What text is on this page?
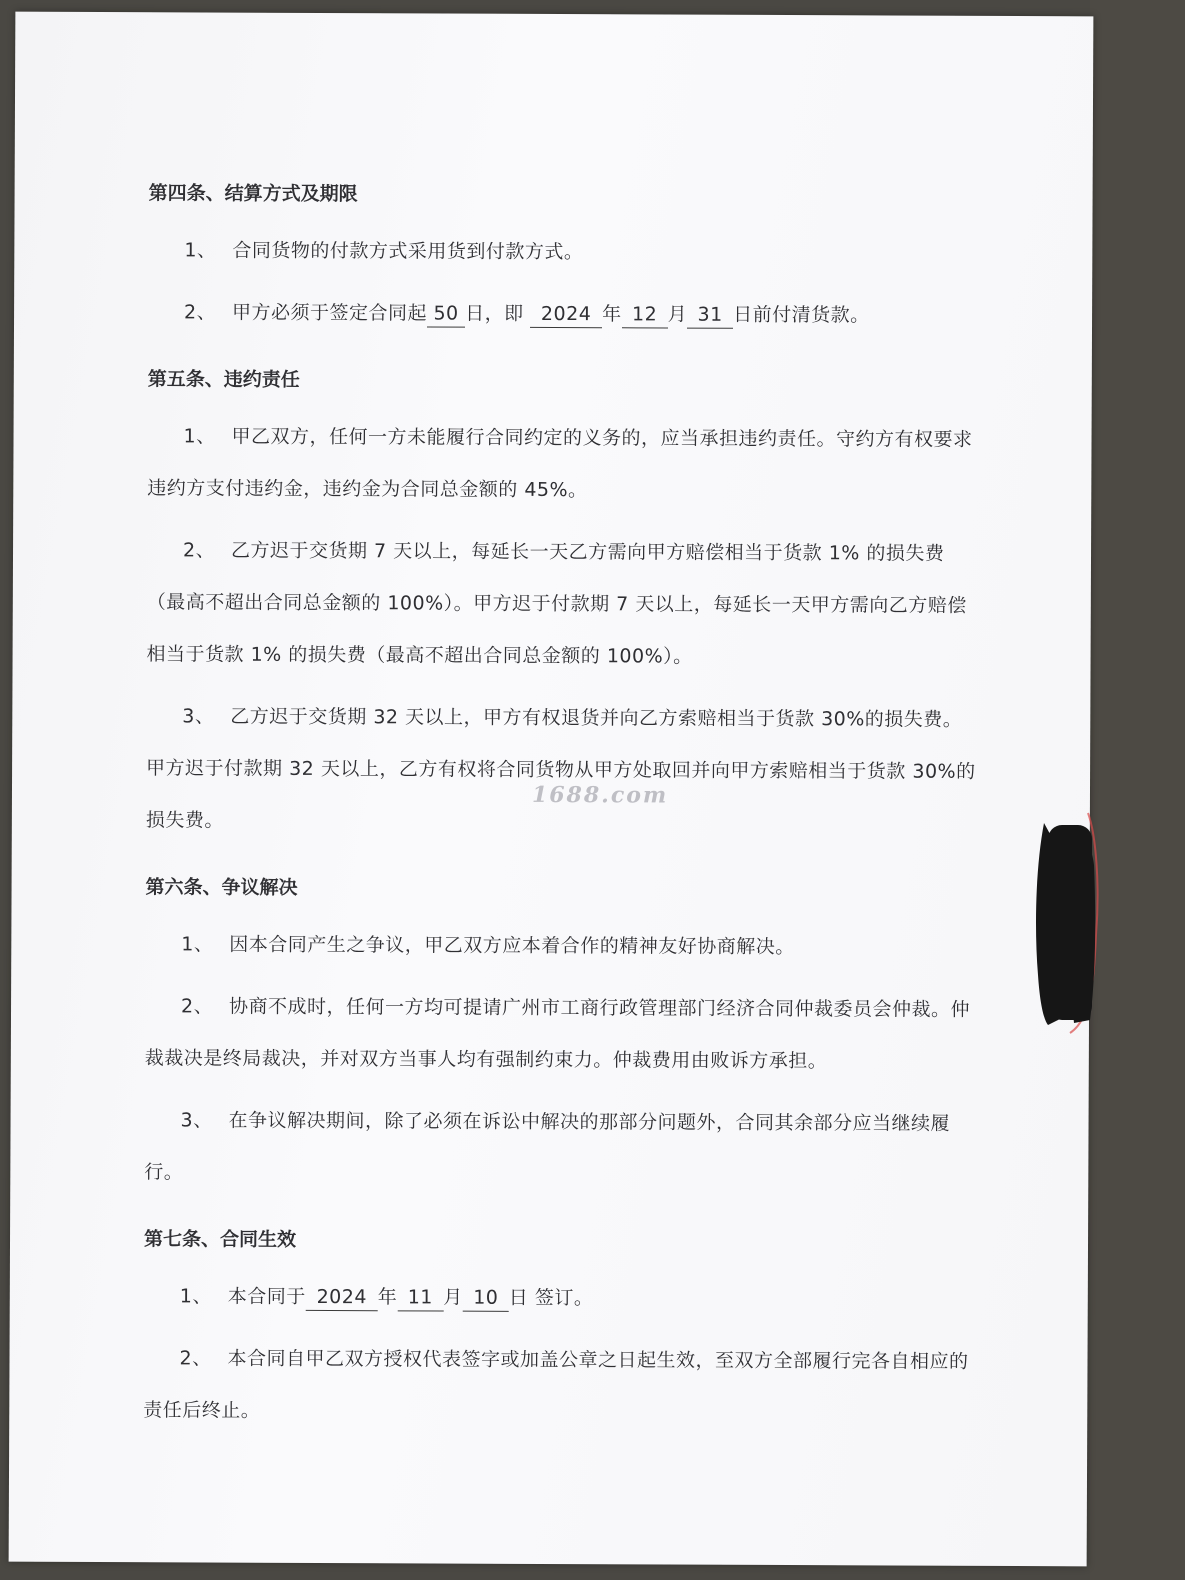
第四条、结算方式及期限

1、 合同货物的付款方式采用货到付款方式。

2、 甲方必须于签定合同起 50 日，即 2024 年 12 月 31 日前付清货款。

第五条、违约责任

1、 甲乙双方，任何一方未能履行合同约定的义务的，应当承担违约责任。守约方有权要求违约方支付违约金，违约金为合同总金额的 45%。

2、 乙方迟于交货期 7 天以上，每延长一天乙方需向甲方赔偿相当于货款 1% 的损失费（最高不超出合同总金额的 100%）。甲方迟于付款期 7 天以上，每延长一天甲方需向乙方赔偿相当于货款 1% 的损失费（最高不超出合同总金额的 100%）。

3、 乙方迟于交货期 32 天以上，甲方有权退货并向乙方索赔相当于货款 30%的损失费。甲方迟于付款期 32 天以上，乙方有权将合同货物从甲方处取回并向甲方索赔相当于货款 30%的损失费。

第六条、争议解决

1、 因本合同产生之争议，甲乙双方应本着合作的精神友好协商解决。

2、 协商不成时，任何一方均可提请广州市工商行政管理部门经济合同仲裁委员会仲裁。仲裁裁决是终局裁决，并对双方当事人均有强制约束力。仲裁费用由败诉方承担。

3、 在争议解决期间，除了必须在诉讼中解决的那部分问题外，合同其余部分应当继续履行。

第七条、合同生效

1、 本合同于 2024 年 11 月 10 日 签订。

2、 本合同自甲乙双方授权代表签字或加盖公章之日起生效，至双方全部履行完各自相应的责任后终止。

1688.com
